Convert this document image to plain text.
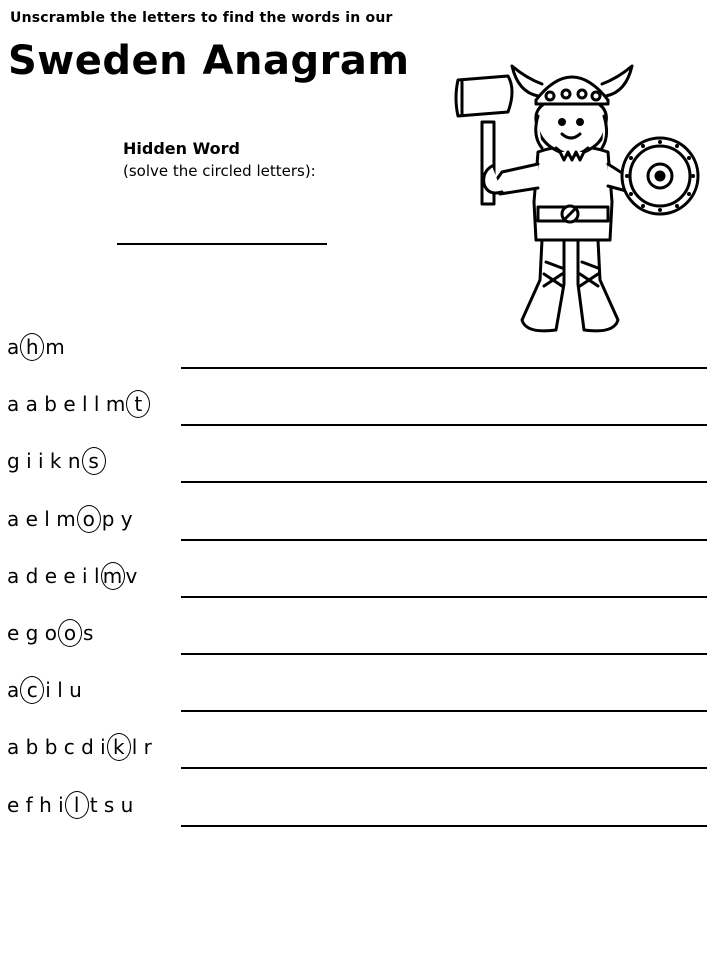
Unscramble the letters to find the words in our
Sweden Anagram
Hidden Word
(solve the circled letters):
a h m
a a b e l l m t
g i i k n s
a e l m o p y
a d e e i l m v
e g o o s
a c i l u
a b b c d i k l r
e f h i l t s u
